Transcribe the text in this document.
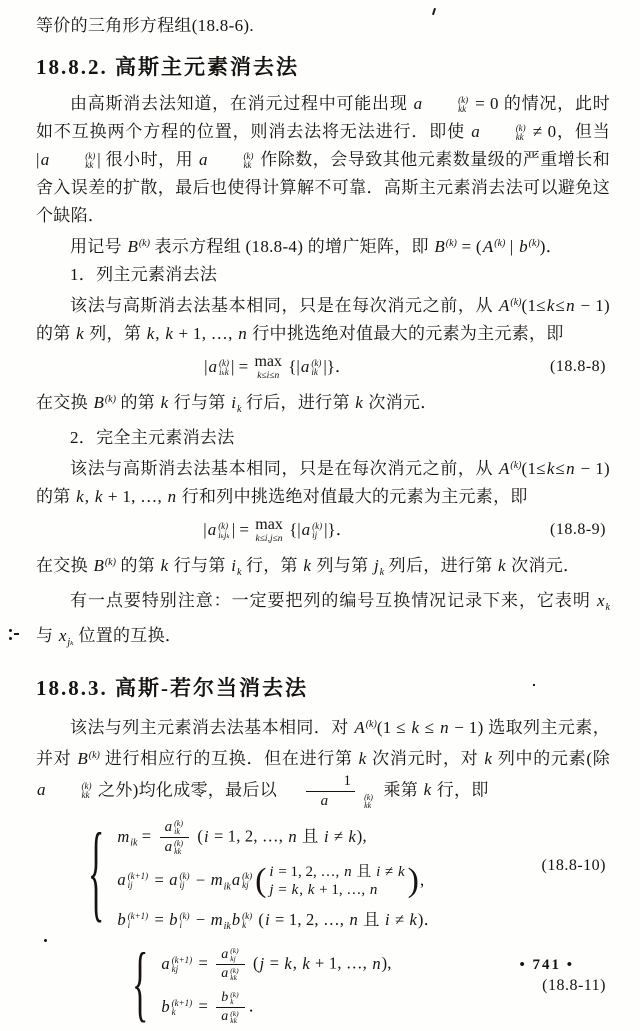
等价的三角形方程组(18.8-6).

18.8.2. 高斯主元素消去法

由高斯消去法知道，在消元过程中可能出现 a	(k)
kk = 0 的情况，此时如不互换两个方程的位置，则消去法将无法进行．即使 a	(k)
kk ≠ 0，但当 |a	(k)
kk | 很小时，用 a	(k)
kk 作除数，会导致其他元素数量级的严重增长和舍入误差的扩散，最后也使得计算解不可靠．高斯主元素消去法可以避免这个缺陷．

用记号 $B^{(k)}$ 表示方程组 (18.8-4) 的增广矩阵，即 $B^{(k)} = (A^{(k)}$ | $b^{(k)}$)．

1．列主元素消去法

该法与高斯消去法基本相同，只是在每次消元之前，从 $A^{(k)}(1\le k\le n - 1)$ 的第 k 列，第 k, k + 1, …, n 行中挑选绝对值最大的元素为主元素，即

|a (k)
iₖk | = max
k≤i≤n
{|a (k)
ik |}．	(18.8-8)

在交换 $B^{(k)}$ 的第 k 行与第 $i_k$ 行后，进行第 k 次消元．

2．完全主元素消去法

该法与高斯消去法基本相同，只是在每次消元之前，从 $A^{(k)}(1\le k\le n - 1)$ 的第 k, k + 1, …, n 行和列中挑选绝对值最大的元素为主元素，即

|a (k)
iₖjₖ | = max
k≤i,j≤n
{|a (k)
ij |}．	(18.8-9)

在交换 $B^{(k)}$ 的第 k 行与第 $i_k$ 行，第 k 列与第 $j_k$ 列后，进行第 k 次消元．

有一点要特别注意：一定要把列的编号互换情况记录下来，它表明 $x_k$ 与 $x_{j_k}$ 位置的互换．

18.8.3. 高斯-若尔当消去法

该法与列主元素消去法基本相同．对 $A^{(k)}(1 \le k \le n - 1)$ 选取列主元素，并对 $B^{(k)}$ 进行相应行的互换．但在进行第 k 次消元时，对 k 列中的元素(除 a	(k)
kk 之外)均化成零，最后以 1
a	(k)
kk 乘第 k 行，即

{ $m_{ik} = a$ (k)
ik
a (k)
kk (i = 1, 2, …, n 且 i ≠ k),
a (k+1)
ij	= a (k)
ij − $m_{ik}a$ (k)
kj ( i = 1, 2, …, n 且 i ≠ k
j = k, k + 1, …, n ),
b (k+1)
i	= b (k)
$i - m_{ik}b$ (k)
k (i = 1, 2, …, n 且 i ≠ k)．
(18.8-10)
{ a (k+1)
kj = a (k)
kj
a (k)
kk (j = k, k + 1, …, n),
b (k+1)
k	= b (k)
k
a (k)
kk ．
(18.8-11)
• 741 •
